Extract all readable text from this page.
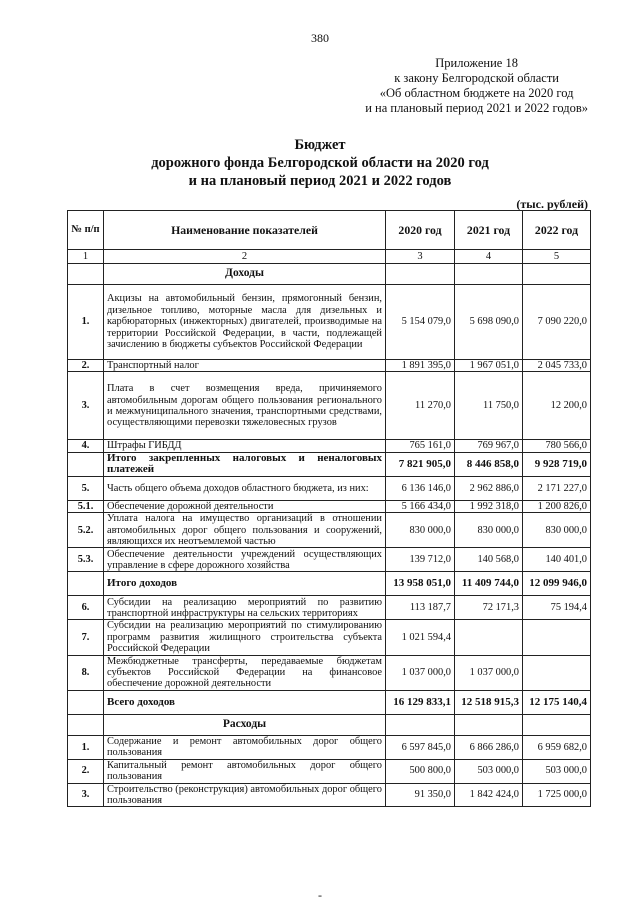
380
Приложение 18
к закону Белгородской области
«Об областном бюджете на 2020 год
и на плановый период 2021 и 2022 годов»
Бюджет
дорожного фонда Белгородской области на 2020 год
и на плановый период 2021 и 2022 годов
(тыс. рублей)
№ п/п	Наименование показателей	2020 год	2021 год	2022 год
1	2	3	4	5
	Доходы			
1.	Акцизы на автомобильный бензин, прямогонный бензин, дизельное топливо, моторные масла для дизельных и карбюраторных (инжекторных) двигателей, производимые на территории Российской Федерации, в части, подлежащей зачислению в бюджеты субъектов Российской Федерации	5 154 079,0	5 698 090,0	7 090 220,0
2.	Транспортный налог	1 891 395,0	1 967 051,0	2 045 733,0
3.	Плата в счет возмещения вреда, причиняемого автомобильным дорогам общего пользования регионального и межмуниципального значения, транспортными средствами, осуществляющими перевозки тяжеловесных грузов	11 270,0	11 750,0	12 200,0
4.	Штрафы ГИБДД	765 161,0	769 967,0	780 566,0
	Итого закрепленных налоговых и неналоговых платежей	7 821 905,0	8 446 858,0	9 928 719,0
5.	Часть общего объема доходов областного бюджета, из них:	6 136 146,0	2 962 886,0	2 171 227,0
5.1.	Обеспечение дорожной деятельности	5 166 434,0	1 992 318,0	1 200 826,0
5.2.	Уплата налога на имущество организаций в отношении автомобильных дорог общего пользования и сооружений, являющихся их неотъемлемой частью	830 000,0	830 000,0	830 000,0
5.3.	Обеспечение деятельности учреждений осуществляющих управление в сфере дорожного хозяйства	139 712,0	140 568,0	140 401,0
	Итого доходов	13 958 051,0	11 409 744,0	12 099 946,0
6.	Субсидии на реализацию мероприятий по развитию транспортной инфраструктуры на сельских территориях	113 187,7	72 171,3	75 194,4
7.	Субсидии на реализацию мероприятий по стимулированию программ развития жилищного строительства субъекта Российской Федерации	1 021 594,4		
8.	Межбюджетные трансферты, передаваемые бюджетам субъектов Российской Федерации на финансовое обеспечение дорожной деятельности	1 037 000,0	1 037 000,0	
	Всего доходов	16 129 833,1	12 518 915,3	12 175 140,4
	Расходы			
1.	Содержание и ремонт автомобильных дорог общего пользования	6 597 845,0	6 866 286,0	6 959 682,0
2.	Капитальный ремонт автомобильных дорог общего пользования	500 800,0	503 000,0	503 000,0
3.	Строительство (реконструкция) автомобильных дорог общего пользования	91 350,0	1 842 424,0	1 725 000,0
-
